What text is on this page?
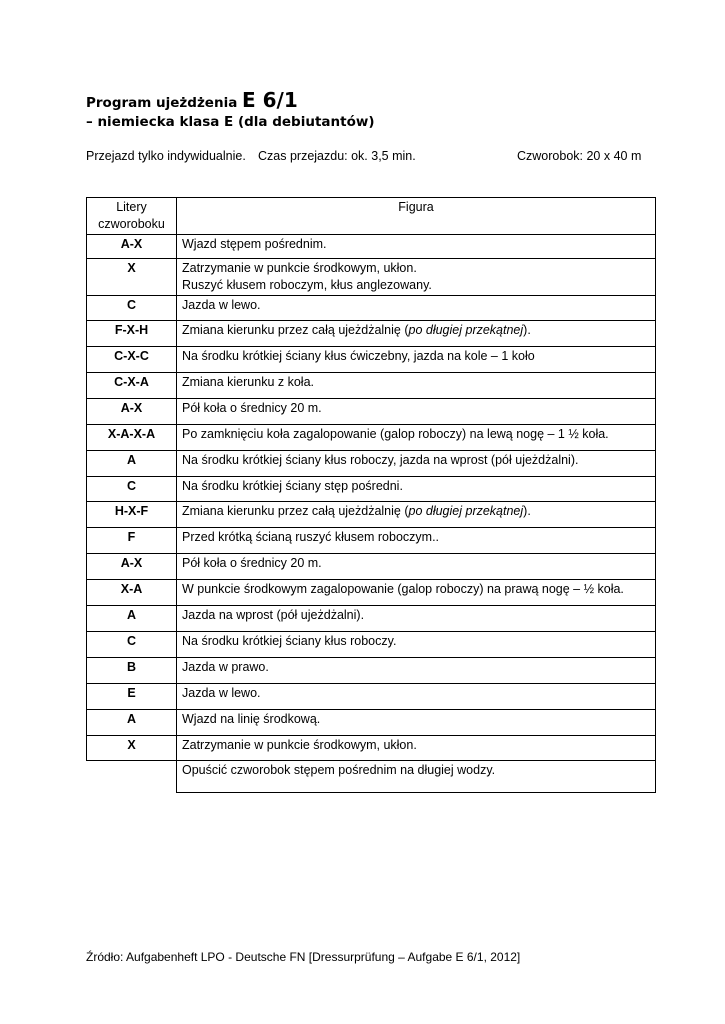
Program ujeżdżenia E 6/1
– niemiecka klasa E (dla debiutantów)
Przejazd tylko indywidualnie. Czas przejazdu: ok. 3,5 min.	Czworobok: 20 x 40 m
Litery czworoboku	Figura
A-X	Wjazd stępem pośrednim.
X	Zatrzymanie w punkcie środkowym, ukłon.
Ruszyć kłusem roboczym, kłus anglezowany.
C	Jazda w lewo.
F-X-H	Zmiana kierunku przez całą ujeżdżalnię (po długiej przekątnej).
C-X-C	Na środku krótkiej ściany kłus ćwiczebny, jazda na kole – 1 koło
C-X-A	Zmiana kierunku z koła.
A-X	Pół koła o średnicy 20 m.
X-A-X-A	Po zamknięciu koła zagalopowanie (galop roboczy) na lewą nogę – 1 ½ koła.
A	Na środku krótkiej ściany kłus roboczy, jazda na wprost (pół ujeżdżalni).
C	Na środku krótkiej ściany stęp pośredni.
H-X-F	Zmiana kierunku przez całą ujeżdżalnię (po długiej przekątnej).
F	Przed krótką ścianą ruszyć kłusem roboczym..
A-X	Pół koła o średnicy 20 m.
X-A	W punkcie środkowym zagalopowanie (galop roboczy) na prawą nogę – ½ koła.
A	Jazda na wprost (pół ujeżdżalni).
C	Na środku krótkiej ściany kłus roboczy.
B	Jazda w prawo.
E	Jazda w lewo.
A	Wjazd na linię środkową.
X	Zatrzymanie w punkcie środkowym, ukłon.
	Opuścić czworobok stępem pośrednim na długiej wodzy.
Źródło: Aufgabenheft LPO - Deutsche FN [Dressurprüfung – Aufgabe E 6/1, 2012]
